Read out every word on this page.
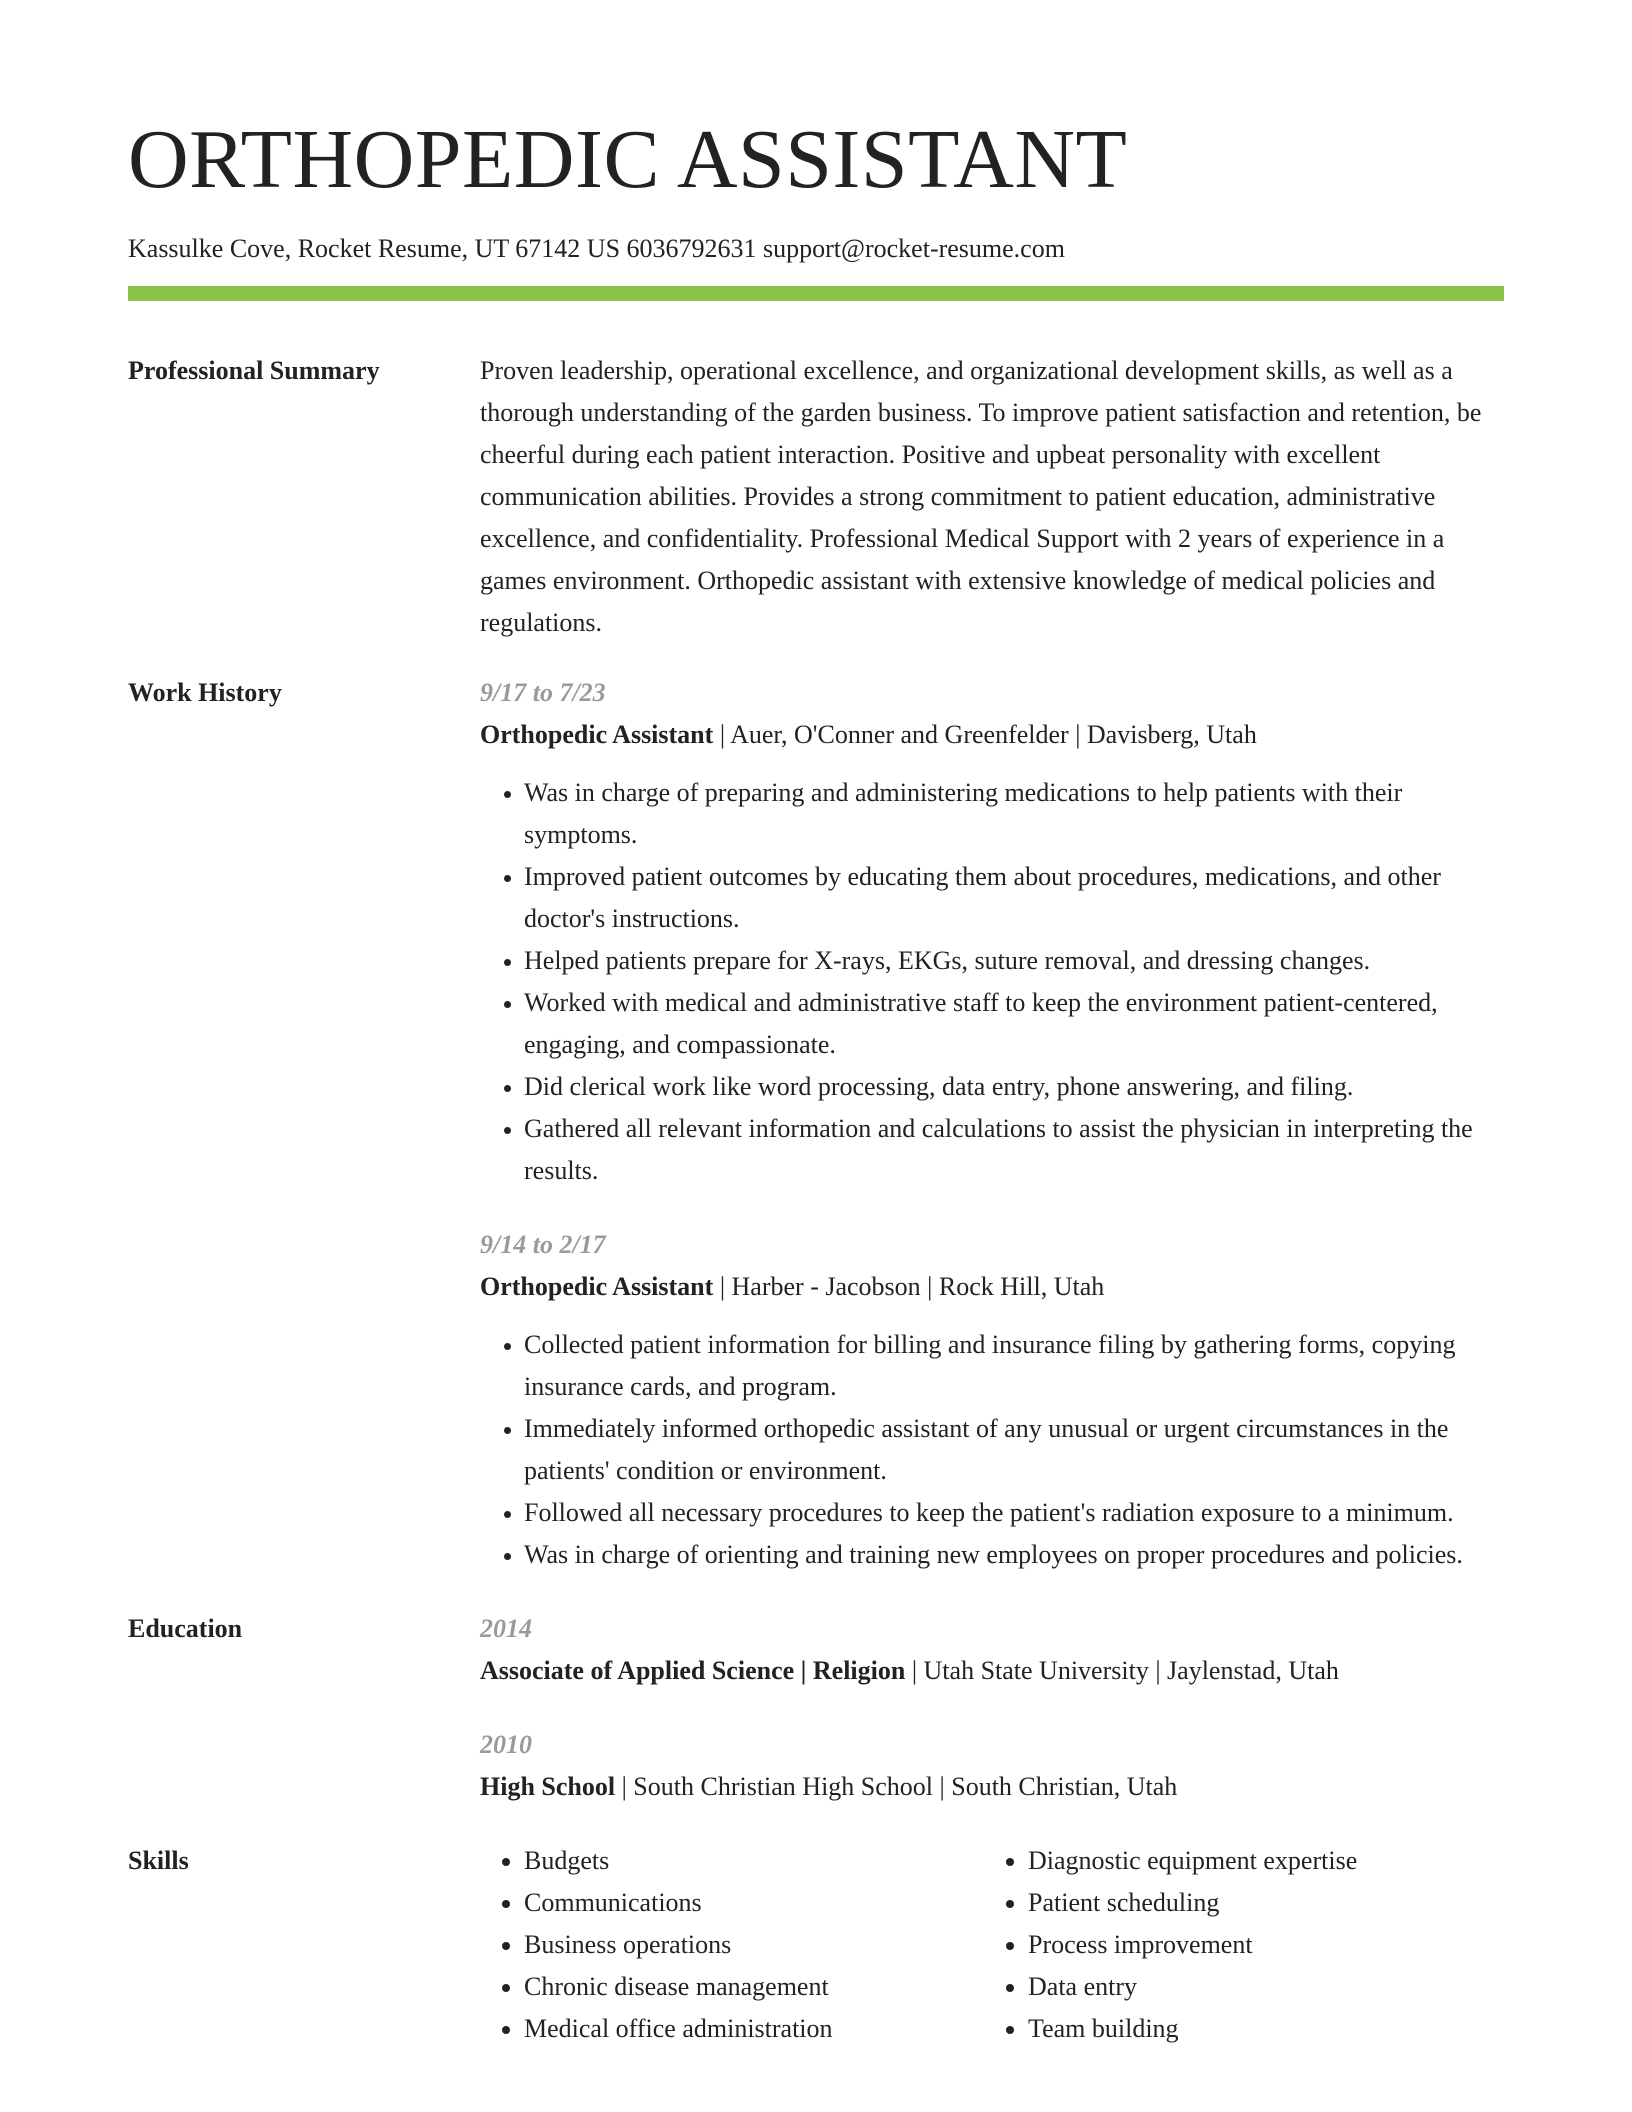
ORTHOPEDIC ASSISTANT
Kassulke Cove, Rocket Resume, UT 67142 US 6036792631 support@rocket-resume.com
Professional Summary	Proven leadership, operational excellence, and organizational development skills, as well as a thorough understanding of the garden business. To improve patient satisfaction and retention, be cheerful during each patient interaction. Positive and upbeat personality with excellent communication abilities. Provides a strong commitment to patient education, administrative excellence, and confidentiality. Professional Medical Support with 2 years of experience in a games environment. Orthopedic assistant with extensive knowledge of medical policies and regulations.

Work History	9/17 to 7/23
Orthopedic Assistant | Auer, O'Conner and Greenfelder | Davisberg, Utah
• Was in charge of preparing and administering medications to help patients with their symptoms.
• Improved patient outcomes by educating them about procedures, medications, and other doctor's instructions.
• Helped patients prepare for X-rays, EKGs, suture removal, and dressing changes.
• Worked with medical and administrative staff to keep the environment patient-centered, engaging, and compassionate.
• Did clerical work like word processing, data entry, phone answering, and filing.
• Gathered all relevant information and calculations to assist the physician in interpreting the results.
9/14 to 2/17
Orthopedic Assistant | Harber - Jacobson | Rock Hill, Utah
• Collected patient information for billing and insurance filing by gathering forms, copying insurance cards, and program.
• Immediately informed orthopedic assistant of any unusual or urgent circumstances in the patients' condition or environment.
• Followed all necessary procedures to keep the patient's radiation exposure to a minimum.
• Was in charge of orienting and training new employees on proper procedures and policies.
Education	2014
Associate of Applied Science | Religion | Utah State University | Jaylenstad, Utah
2010
High School | South Christian High School | South Christian, Utah
Skills
•	Budgets
• Communications
• Business operations
• Chronic disease management
• Medical office administration
• Diagnostic equipment expertise
• Patient scheduling
• Process improvement
• Data entry
• Team building
